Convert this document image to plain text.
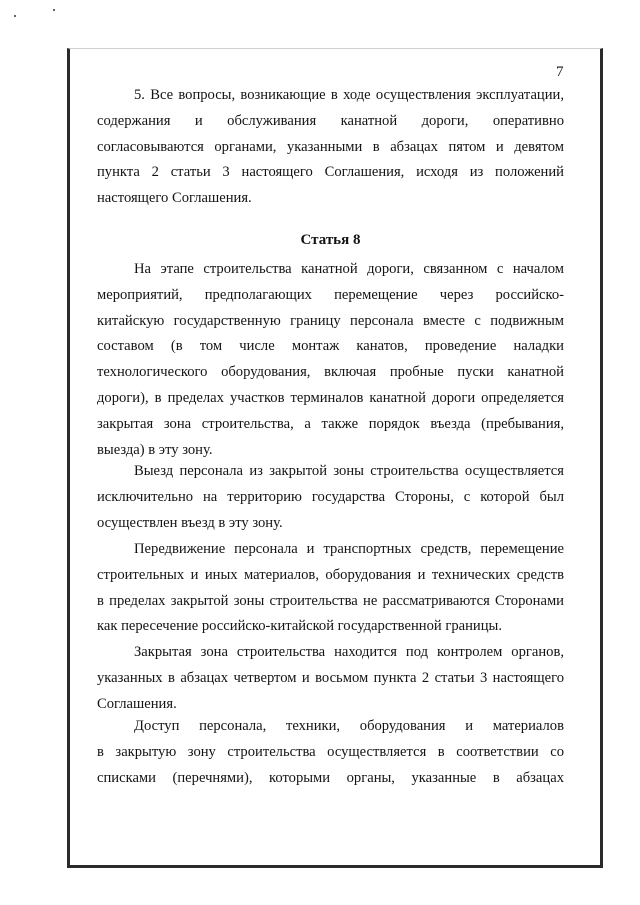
7
5. Все вопросы, возникающие в ходе осуществления эксплуатации,
содержания и обслуживания канатной дороги, оперативно
согласовываются органами, указанными в абзацах пятом и девятом
пункта 2 статьи 3 настоящего Соглашения, исходя из положений
настоящего Соглашения.
Статья 8
На этапе строительства канатной дороги, связанном с началом
мероприятий, предполагающих перемещение через российско-
китайскую государственную границу персонала вместе с подвижным
составом (в том числе монтаж канатов, проведение наладки
технологического оборудования, включая пробные пуски канатной
дороги), в пределах участков терминалов канатной дороги определяется
закрытая зона строительства, а также порядок въезда (пребывания,
выезда) в эту зону.
Выезд персонала из закрытой зоны строительства осуществляется
исключительно на территорию государства Стороны, с которой был
осуществлен въезд в эту зону.
Передвижение персонала и транспортных средств, перемещение
строительных и иных материалов, оборудования и технических средств
в пределах закрытой зоны строительства не рассматриваются Сторонами
как пересечение российско-китайской государственной границы.
Закрытая зона строительства находится под контролем органов,
указанных в абзацах четвертом и восьмом пункта 2 статьи 3 настоящего
Соглашения.
Доступ персонала, техники, оборудования и материалов
в закрытую зону строительства осуществляется в соответствии со
списками (перечнями), которыми органы, указанные в абзацах
